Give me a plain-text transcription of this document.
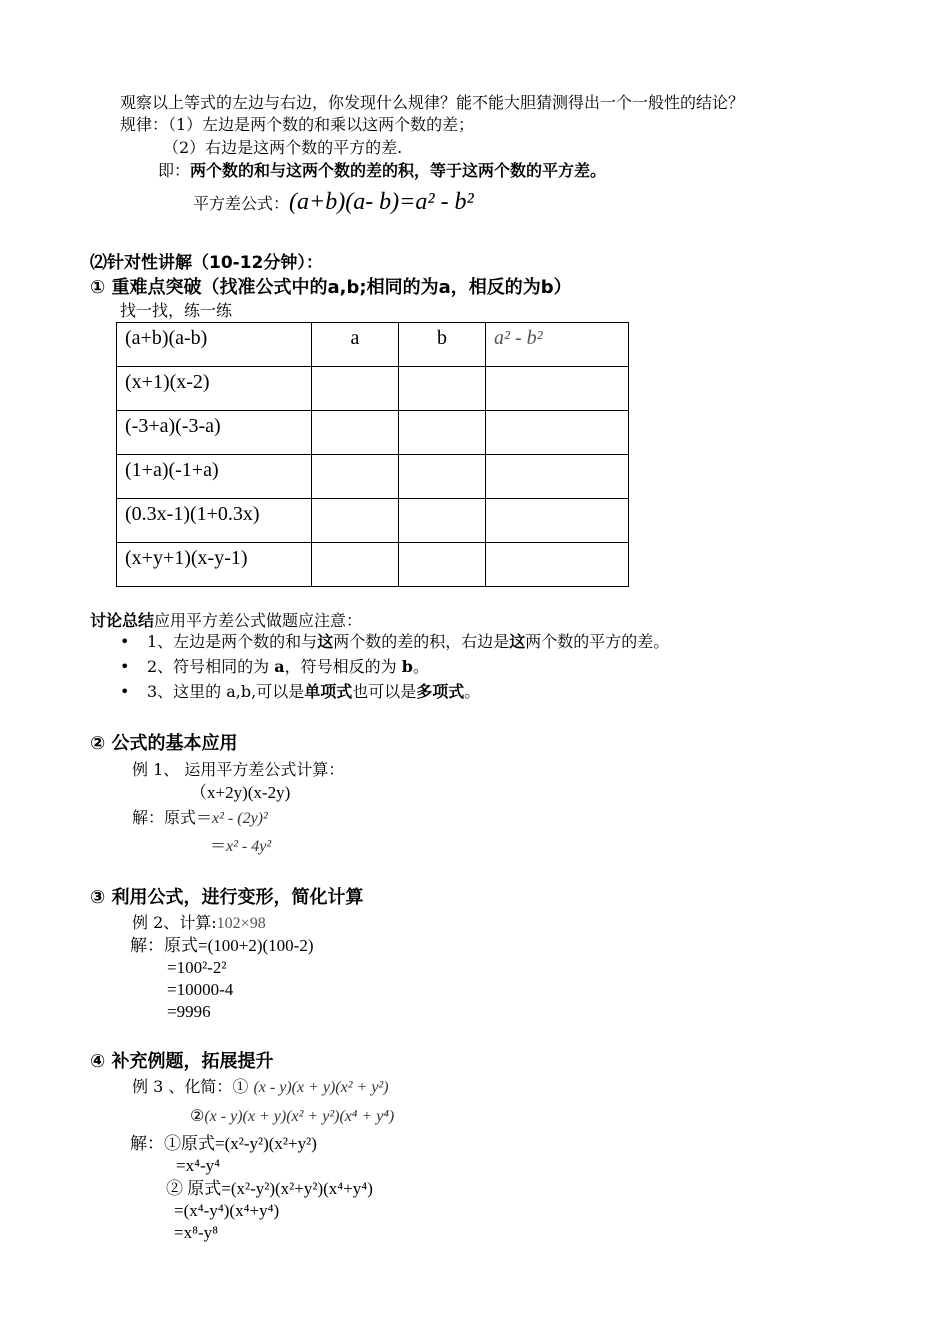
观察以上等式的左边与右边，你发现什么规律？能不能大胆猜测得出一个一般性的结论？
规律：（1）左边是两个数的和乘以这两个数的差；
（2）右边是这两个数的平方的差.
即：两个数的和与这两个数的差的积，等于这两个数的平方差。
平方差公式：(a+b)(a- b)=a² - b²
⑵针对性讲解（10-12分钟）：
① 重难点突破（找准公式中的a,b;相同的为a，相反的为b）
找一找，练一练
(a+b)(a-b)	a	b	a² - b²

(x+1)(x-2)			

(-3+a)(-3-a)			

(1+a)(-1+a)			

(0.3x-1)(1+0.3x)			

(x+y+1)(x-y-1)			

讨论总结应用平方差公式做题应注意：
• 1、左边是两个数的和与这两个数的差的积，右边是这两个数的平方的差。
• 2、符号相同的为 a，符号相反的为 b。
• 3、这里的 a,b,可以是单项式也可以是多项式。
② 公式的基本应用
例 1、 运用平方差公式计算：
（x+2y)(x-2y)
解：原式＝x² - (2y)²
＝x² - 4y²
③ 利用公式，进行变形，简化计算
例 2、计算:102×98
解：原式=(100+2)(100-2)
=100²-2²
=10000-4
=9996
④ 补充例题，拓展提升
例 3 、化简：① (x - y)(x + y)(x² + y²)
②(x - y)(x + y)(x² + y²)(x⁴ + y⁴)
解：①原式=(x²-y²)(x²+y²)
=x⁴-y⁴
② 原式=(x²-y²)(x²+y²)(x⁴+y⁴)
=(x⁴-y⁴)(x⁴+y⁴)
=x⁸-y⁸
